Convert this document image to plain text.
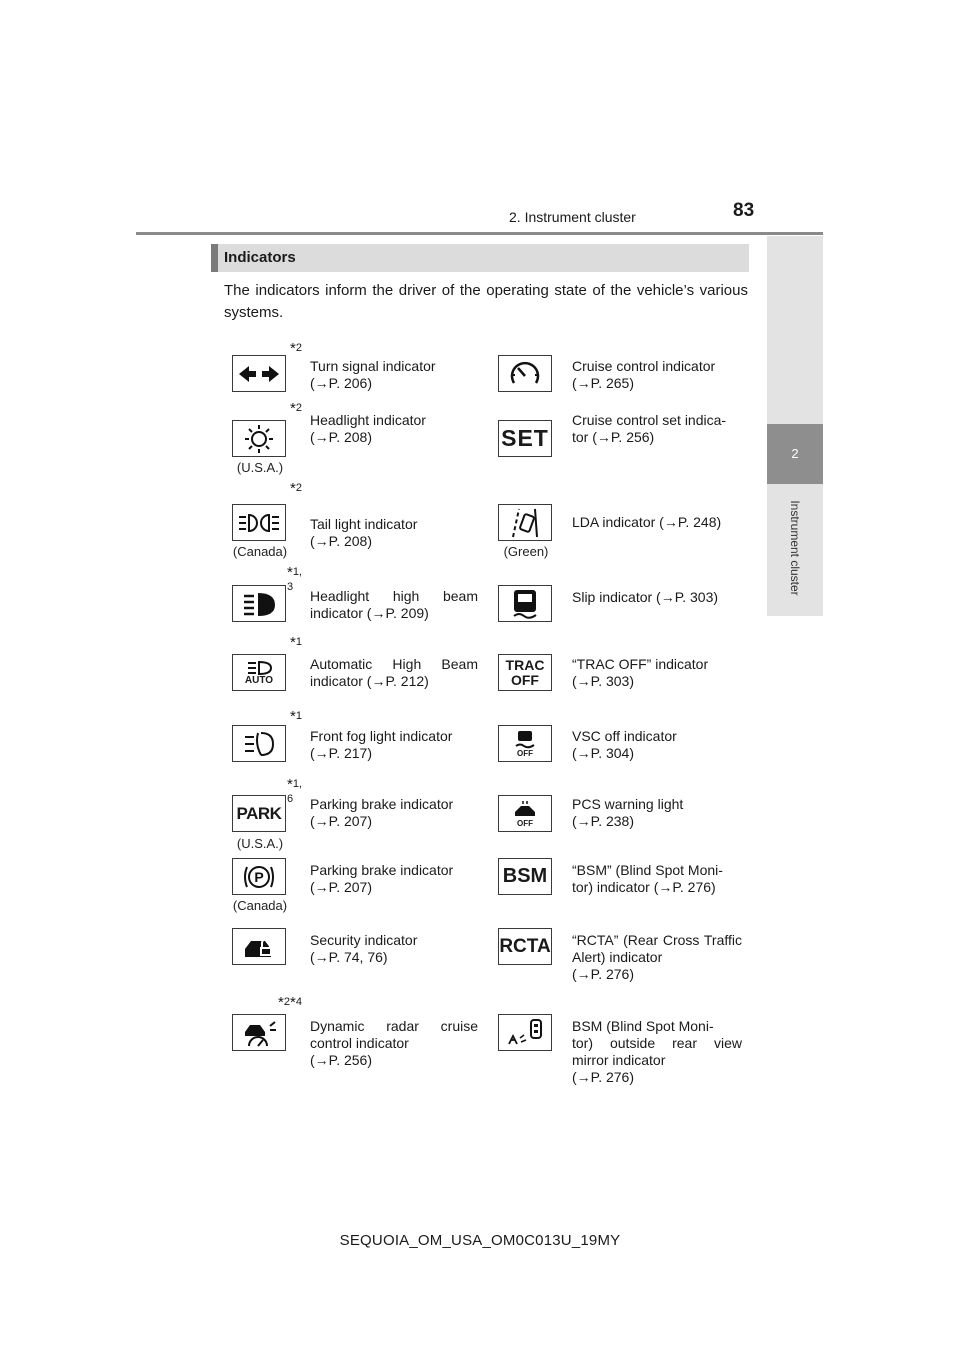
2. Instrument cluster	83
2
Instrument cluster
Indicators
The indicators inform the driver of the operating state of the vehicle’s various systems.
Turn signal indicator
(→P. 206)
*2
Cruise control indicator
(→P. 265)
(U.S.A.)
Headlight indicator
(→P. 208)
*2
SET
Cruise control set indica-
tor (→P. 256)
(Canada)
Tail light indicator
(→P. 208)
*2
(Green)
LDA indicator (→P. 248)
Headlight high beam indicator (→P. 209)
*1, 3
Slip indicator (→P. 303)
AUTO
Automatic High Beam indicator (→P. 212)
*1
TRAC
OFF
“TRAC OFF” indicator
(→P. 303)
Front fog light indicator
(→P. 217)
*1
OFF
VSC off indicator
(→P. 304)
PARK
(U.S.A.)
Parking brake indicator
(→P. 207)
*1, 6
OFF
PCS warning light
(→P. 238)
P
(Canada)
Parking brake indicator
(→P. 207)	BSM “BSM” (Blind Spot Moni-
tor) indicator (→P. 276)
Security indicator
(→P. 74, 76)
RCTA “RCTA” (Rear Cross Traffic Alert) indicator
(→P. 276)
*2
Dynamic radar cruise control indicator
(→P. 256)
*4
BSM (Blind Spot Moni-
tor) outside rear view mirror indicator
(→P. 276)
SEQUOIA_OM_USA_OM0C013U_19MY
